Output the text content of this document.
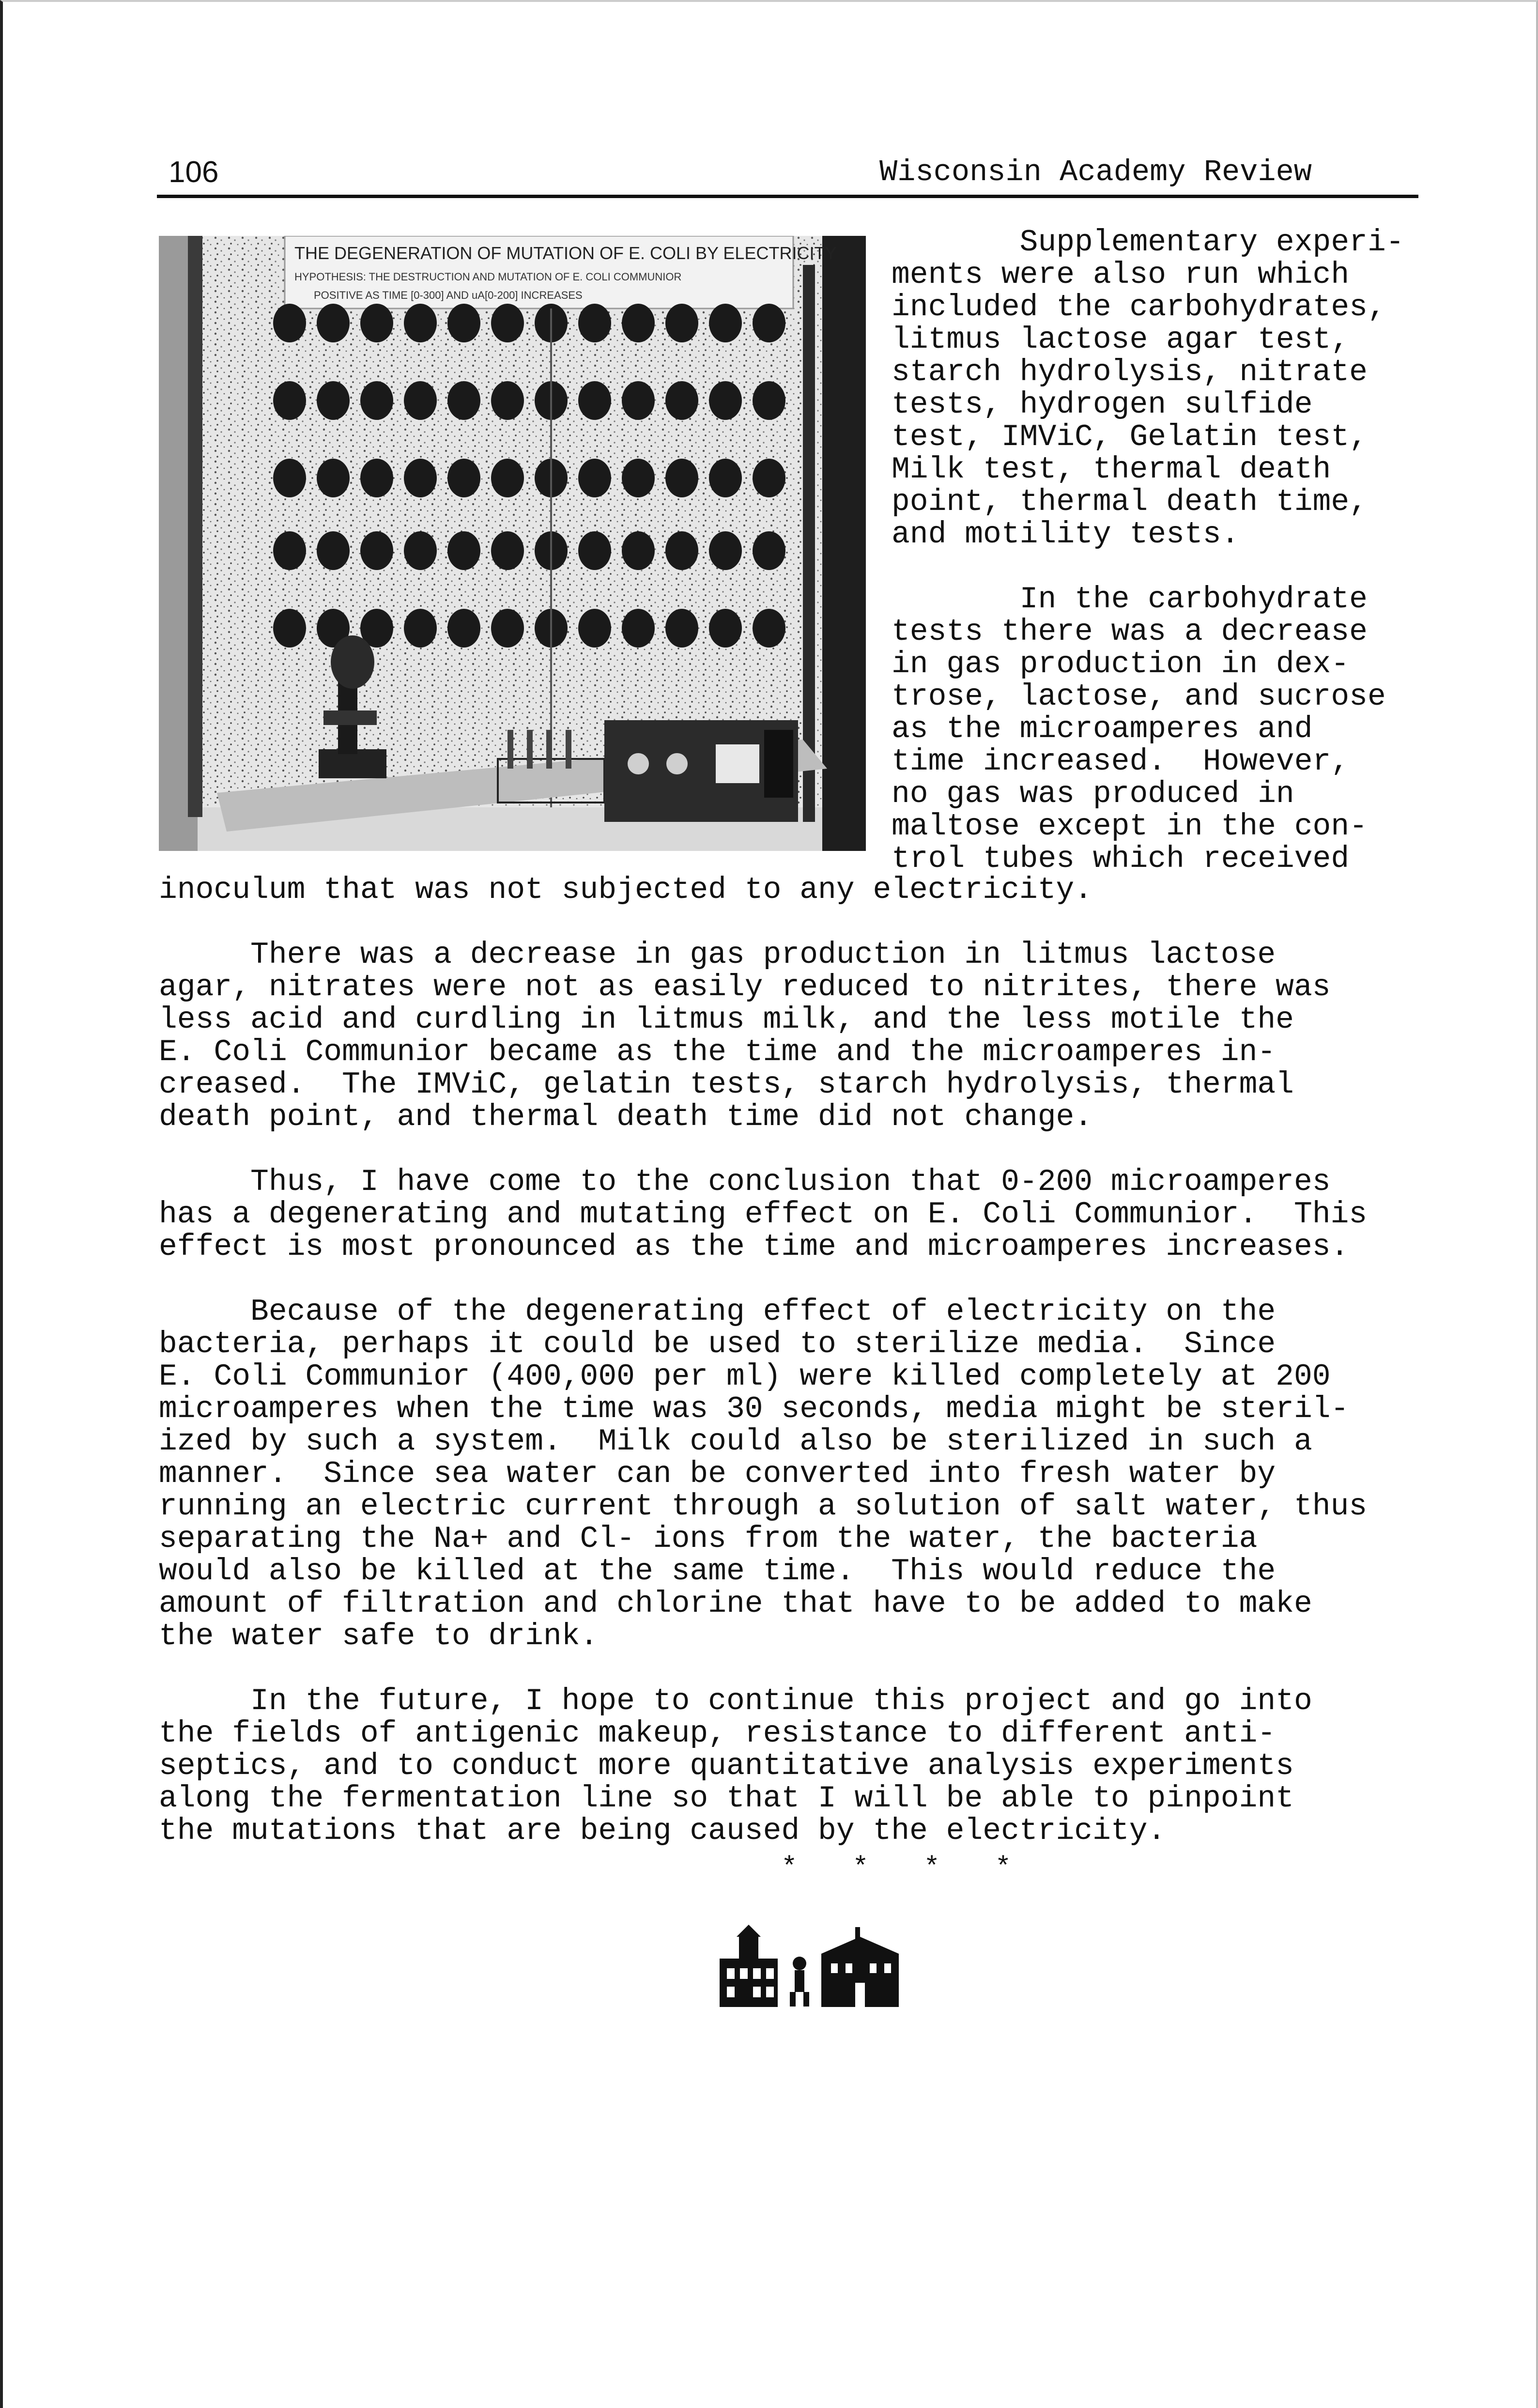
106	Wisconsin Academy Review
THE DEGENERATION OF MUTATION OF E. COLI BY ELECTRICITY
HYPOTHESIS: THE DESTRUCTION AND MUTATION OF E. COLI COMMUNIOR
POSITIVE AS TIME [0-300] AND uA[0-200] INCREASES
Supplementary experi-
ments were also run which
included the carbohydrates,
litmus lactose agar test,
starch hydrolysis, nitrate
tests, hydrogen sulfide
test, IMViC, Gelatin test,
Milk test, thermal death
point, thermal death time,
and motility tests.

In the carbohydrate
tests there was a decrease
in gas production in dex-
trose, lactose, and sucrose
as the microamperes and
time increased.  However,
no gas was produced in
maltose except in the con-
trol tubes which received
inoculum that was not subjected to any electricity.

There was a decrease in gas production in litmus lactose
agar, nitrates were not as easily reduced to nitrites, there was
less acid and curdling in litmus milk, and the less motile the
E. Coli Communior became as the time and the microamperes in-
creased.  The IMViC, gelatin tests, starch hydrolysis, thermal
death point, and thermal death time did not change.

Thus, I have come to the conclusion that 0-200 microamperes
has a degenerating and mutating effect on E. Coli Communior.  This
effect is most pronounced as the time and microamperes increases.

Because of the degenerating effect of electricity on the
bacteria, perhaps it could be used to sterilize media.  Since
E. Coli Communior (400,000 per ml) were killed completely at 200
microamperes when the time was 30 seconds, media might be steril-
ized by such a system.  Milk could also be sterilized in such a
manner.  Since sea water can be converted into fresh water by
running an electric current through a solution of salt water, thus
separating the Na+ and Cl- ions from the water, the bacteria
would also be killed at the same time.  This would reduce the
amount of filtration and chlorine that have to be added to make
the water safe to drink.

In the future, I hope to continue this project and go into
the fields of antigenic makeup, resistance to different anti-
septics, and to conduct more quantitative analysis experiments
along the fermentation line so that I will be able to pinpoint
the mutations that are being caused by the electricity.
* * * *
